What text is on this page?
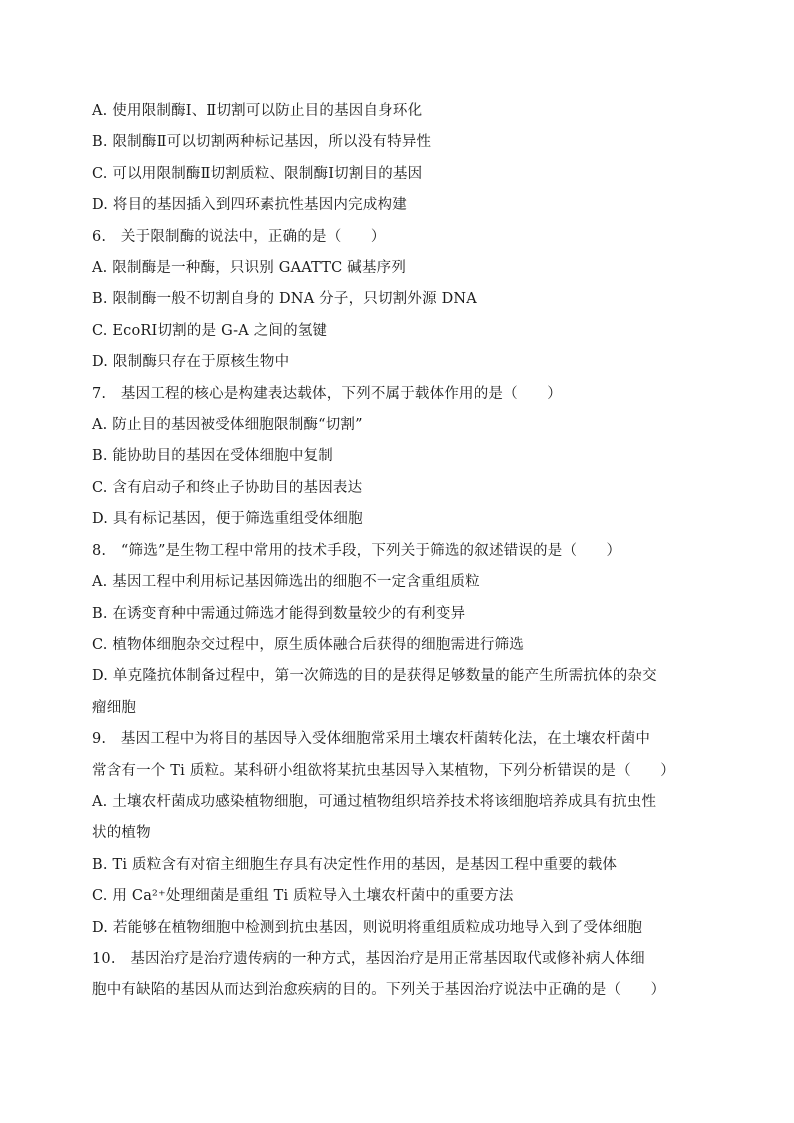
A. 使用限制酶Ⅰ、Ⅱ切割可以防止目的基因自身环化
B. 限制酶Ⅱ可以切割两种标记基因，所以没有特异性
C. 可以用限制酶Ⅱ切割质粒、限制酶Ⅰ切割目的基因
D. 将目的基因插入到四环素抗性基因内完成构建
6.　关于限制酶的说法中，正确的是（　　）
A. 限制酶是一种酶，只识别 GAATTC 碱基序列
B. 限制酶一般不切割自身的 DNA 分子，只切割外源 DNA
C. EcoRⅠ切割的是 G-A 之间的氢键
D. 限制酶只存在于原核生物中
7.　基因工程的核心是构建表达载体，下列不属于载体作用的是（　　）
A. 防止目的基因被受体细胞限制酶“切割”
B. 能协助目的基因在受体细胞中复制
C. 含有启动子和终止子协助目的基因表达
D. 具有标记基因，便于筛选重组受体细胞
8.　“筛选”是生物工程中常用的技术手段，下列关于筛选的叙述错误的是（　　）
A. 基因工程中利用标记基因筛选出的细胞不一定含重组质粒
B. 在诱变育种中需通过筛选才能得到数量较少的有利变异
C. 植物体细胞杂交过程中，原生质体融合后获得的细胞需进行筛选
D. 单克隆抗体制备过程中，第一次筛选的目的是获得足够数量的能产生所需抗体的杂交
瘤细胞
9.　基因工程中为将目的基因导入受体细胞常采用土壤农杆菌转化法，在土壤农杆菌中
常含有一个 Ti 质粒。某科研小组欲将某抗虫基因导入某植物，下列分析错误的是（　　）
A. 土壤农杆菌成功感染植物细胞，可通过植物组织培养技术将该细胞培养成具有抗虫性
状的植物
B. Ti 质粒含有对宿主细胞生存具有决定性作用的基因，是基因工程中重要的载体
C. 用 Ca²⁺处理细菌是重组 Ti 质粒导入土壤农杆菌中的重要方法
D. 若能够在植物细胞中检测到抗虫基因，则说明将重组质粒成功地导入到了受体细胞
10.　基因治疗是治疗遗传病的一种方式，基因治疗是用正常基因取代或修补病人体细
胞中有缺陷的基因从而达到治愈疾病的目的。下列关于基因治疗说法中正确的是（　　）
